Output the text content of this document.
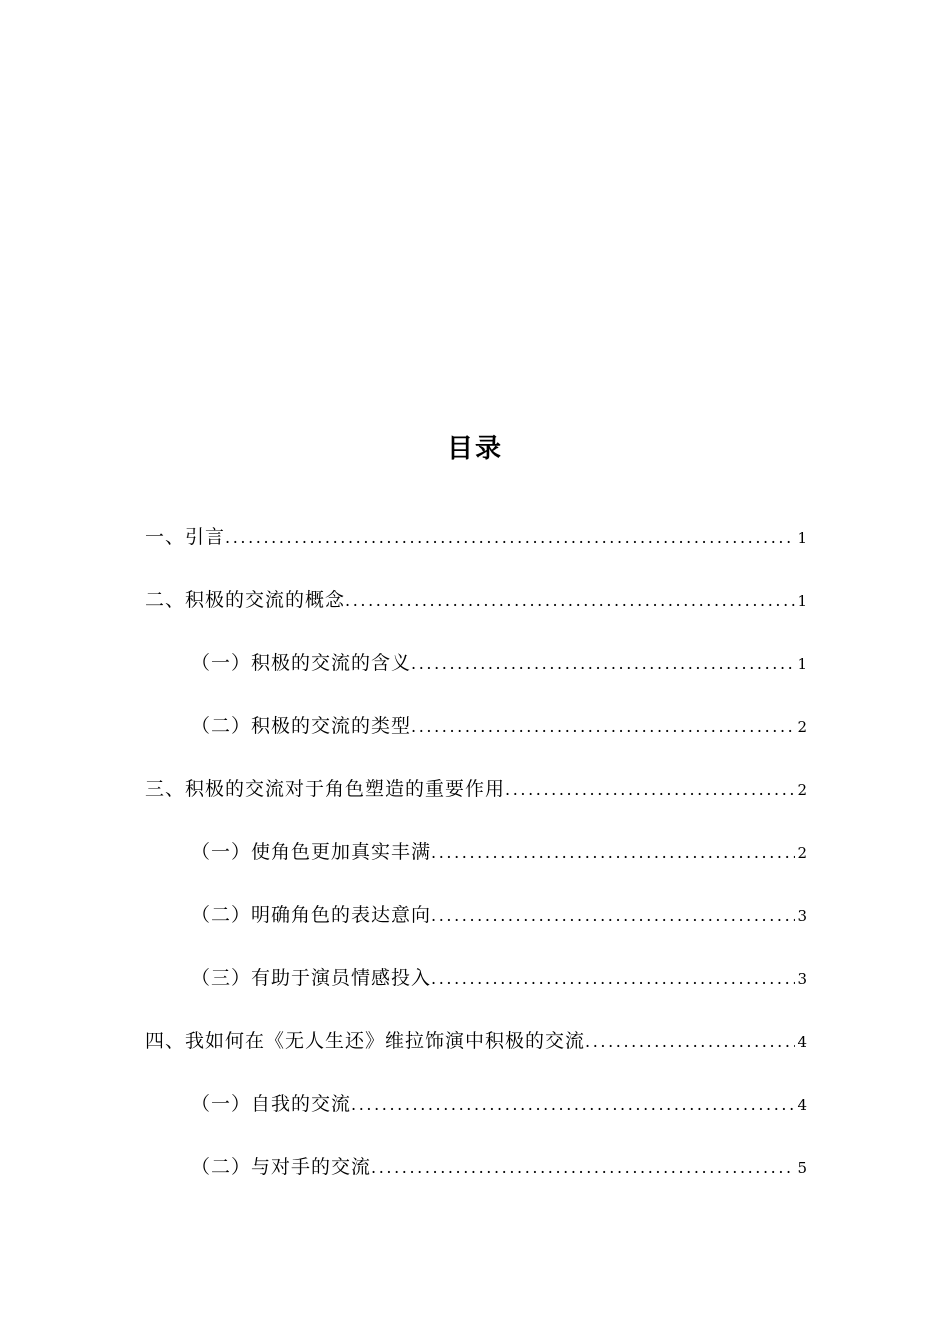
目录
一、引言 .....	1
二、积极的交流的概念 .....	1
（一）积极的交流的含义 .....	1
（二）积极的交流的类型 .....	2
三、积极的交流对于角色塑造的重要作用 .....	2
（一）使角色更加真实丰满 .....	2
（二）明确角色的表达意向 .....	3
（三）有助于演员情感投入 .....	3
四、我如何在《无人生还》维拉饰演中积极的交流 .....	4
（一）自我的交流 .....	4
（二）与对手的交流 .....	5
